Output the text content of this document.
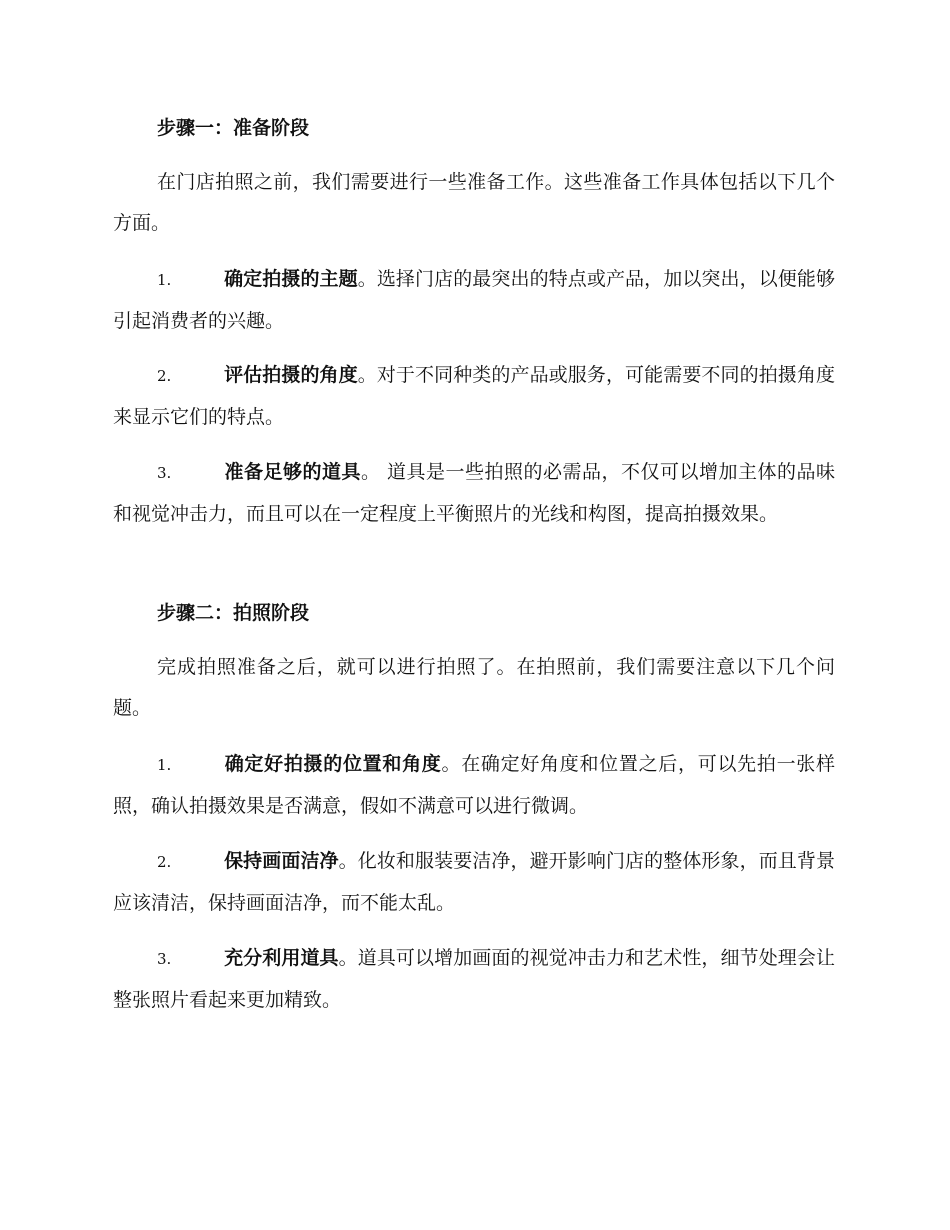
步骤一：准备阶段
在门店拍照之前，我们需要进行一些准备工作。这些准备工作具体包括以下几个方面。
1.	确定拍摄的主题。选择门店的最突出的特点或产品，加以突出，以便能够引起消费者的兴趣。
2.	评估拍摄的角度。对于不同种类的产品或服务，可能需要不同的拍摄角度来显示它们的特点。
3.	准备足够的道具。 道具是一些拍照的必需品，不仅可以增加主体的品味和视觉冲击力，而且可以在一定程度上平衡照片的光线和构图，提高拍摄效果。
步骤二：拍照阶段
完成拍照准备之后，就可以进行拍照了。在拍照前，我们需要注意以下几个问题。
1.	确定好拍摄的位置和角度。在确定好角度和位置之后，可以先拍一张样照，确认拍摄效果是否满意，假如不满意可以进行微调。
2.	保持画面洁净。化妆和服装要洁净，避开影响门店的整体形象，而且背景应该清洁，保持画面洁净，而不能太乱。
3.	充分利用道具。道具可以增加画面的视觉冲击力和艺术性，细节处理会让整张照片看起来更加精致。
